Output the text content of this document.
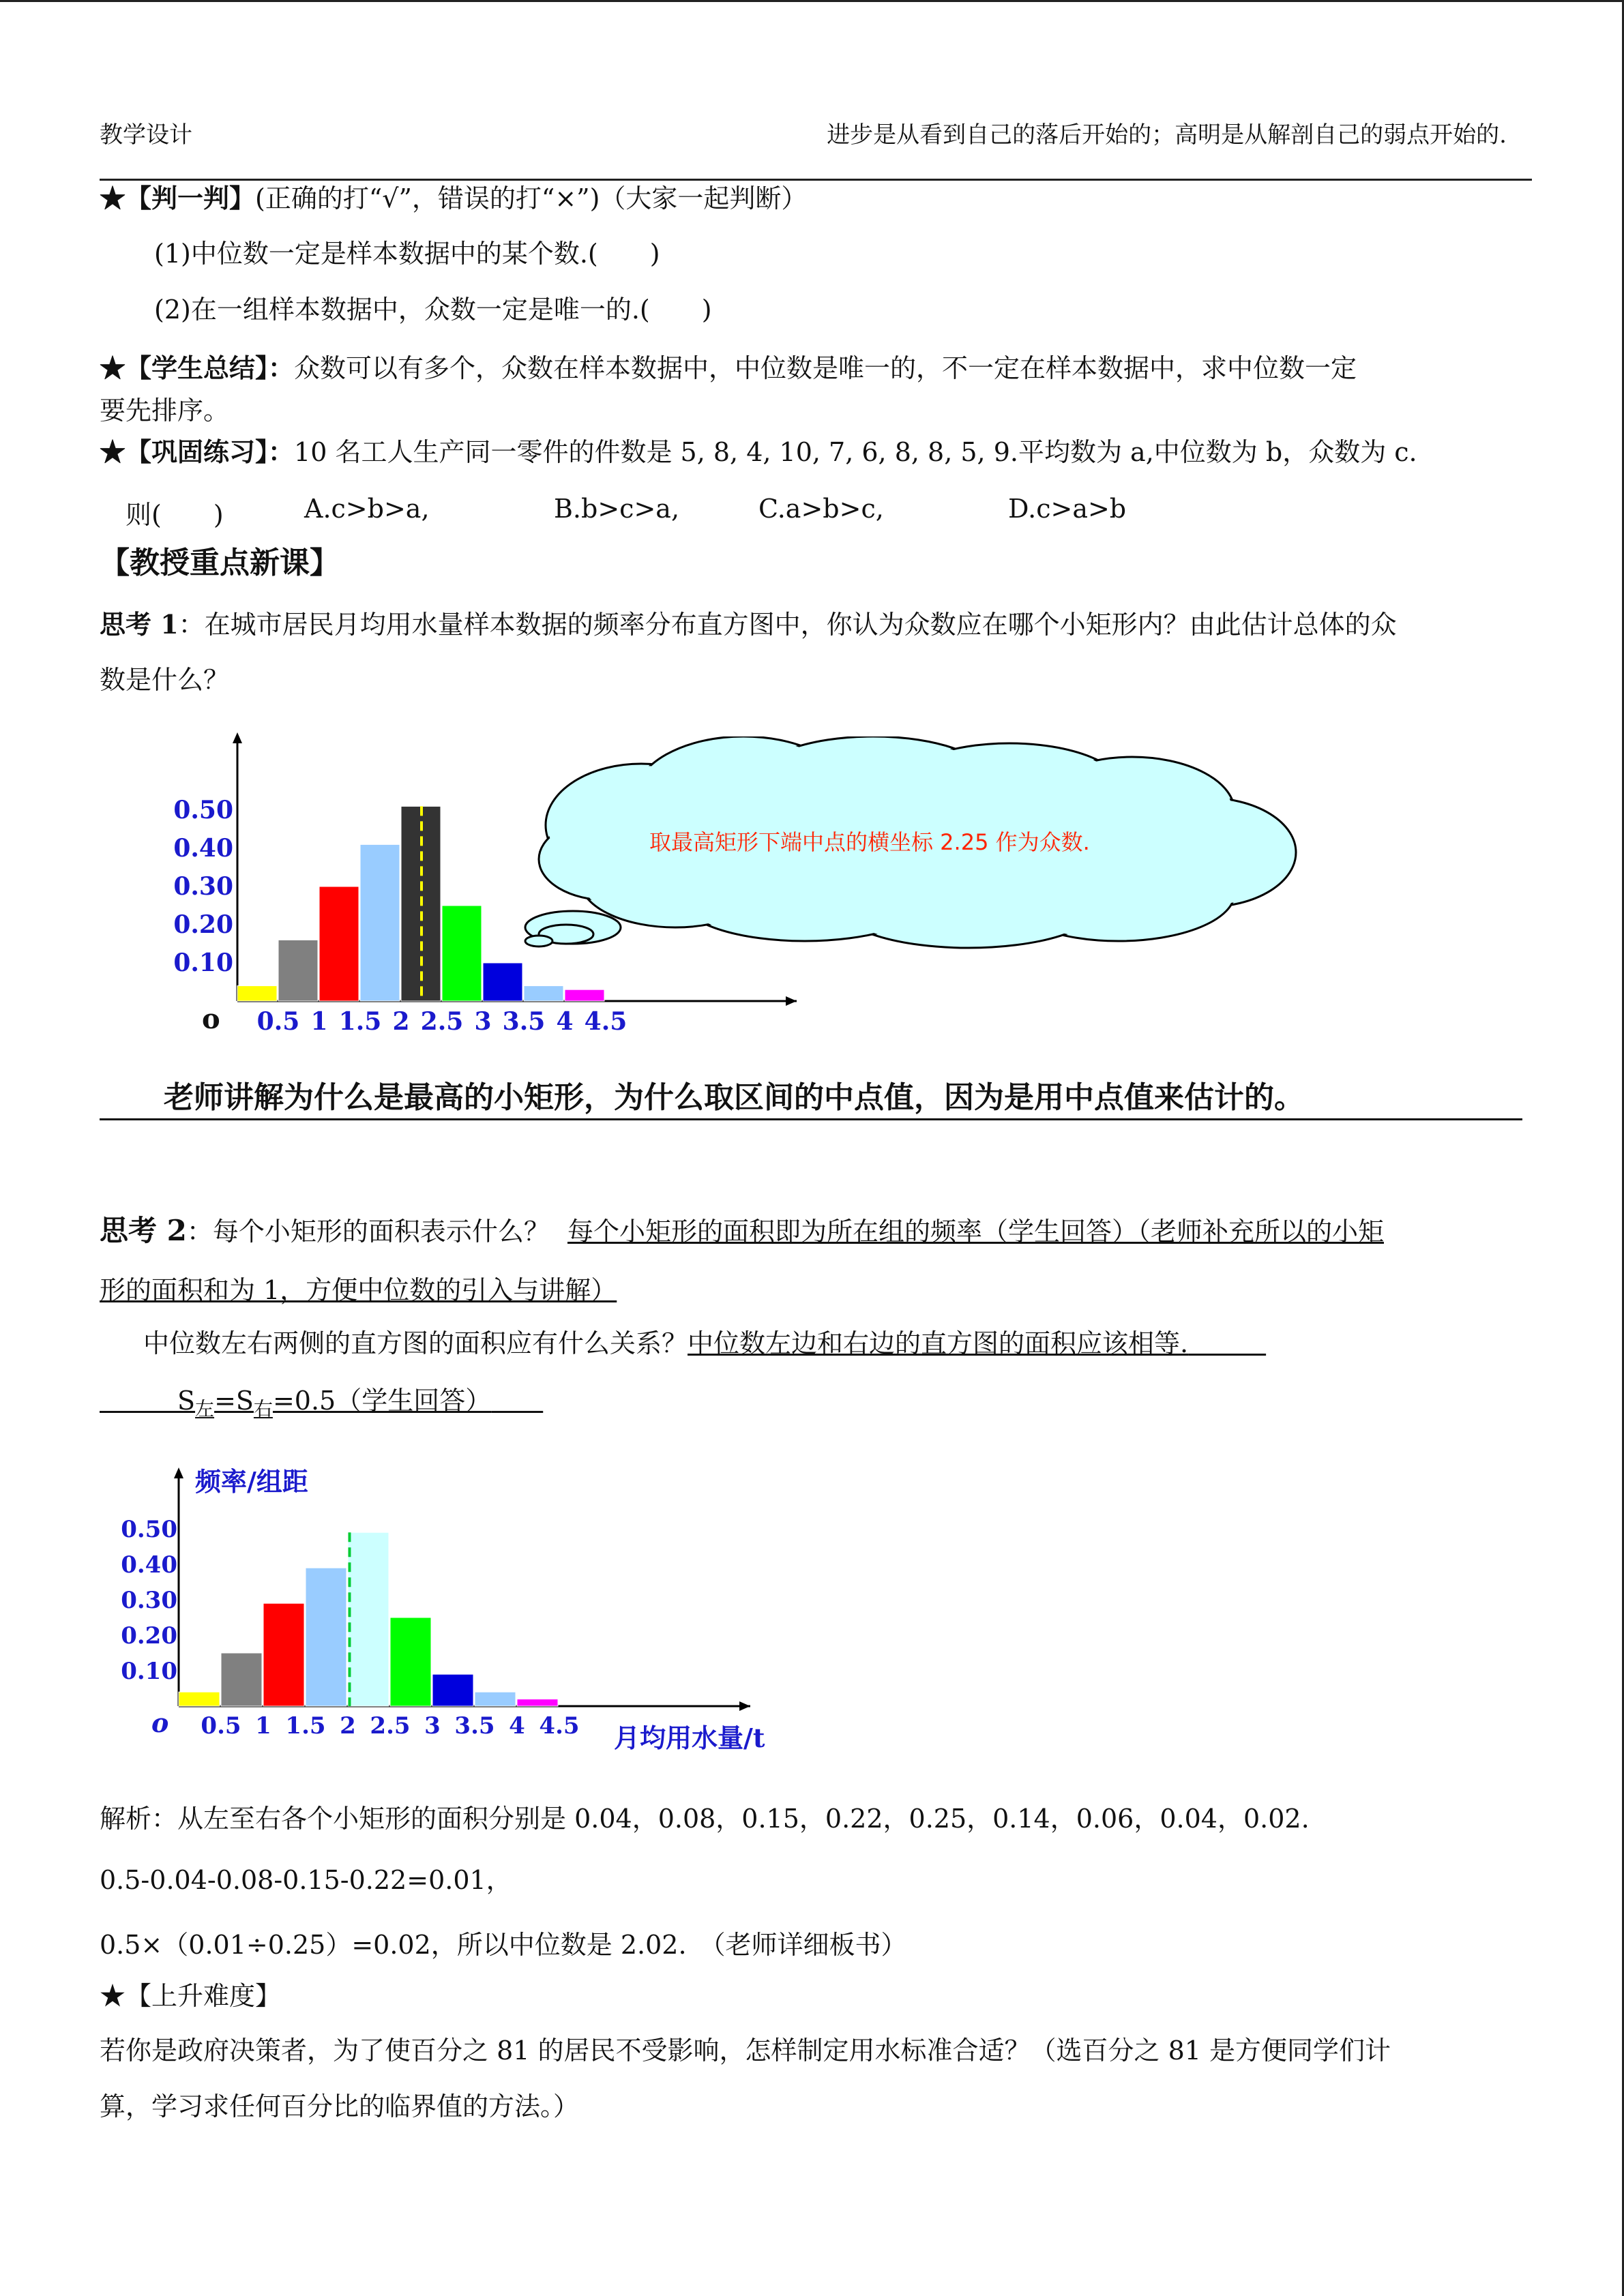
教学设计	进步是从看到自己的落后开始的；高明是从解剖自己的弱点开始的.
★【判一判】(正确的打“√”，错误的打“×”)（大家一起判断）
(1)中位数一定是样本数据中的某个数.(　　)
(2)在一组样本数据中，众数一定是唯一的.(　　)
★【学生总结】：众数可以有多个，众数在样本数据中，中位数是唯一的，不一定在样本数据中，求中位数一定
要先排序。
★【巩固练习】：10 名工人生产同一零件的件数是 5, 8, 4, 10, 7, 6, 8, 8, 5, 9.平均数为 a,中位数为 b，众数为 c.
则(　　)	A.c>b>a,	B.b>c>a,	C.a>b>c,	D.c>a>b
【教授重点新课】
思考 1：在城市居民月均用水量样本数据的频率分布直方图中，你认为众数应在哪个小矩形内？由此估计总体的众
数是什么？
0.10
0.20
0.30
0.40
0.50
0.5 1 1.5 2 2.5 3 3.5 4 4.5
o
取最高矩形下端中点的横坐标 2.25 作为众数.
老师讲解为什么是最高的小矩形，为什么取区间的中点值，因为是用中点值来估计的。
思考 2：每个小矩形的面积表示什么？ 每个小矩形的面积即为所在组的频率（学生回答）（老师补充所以的小矩
形的面积和为 1，方便中位数的引入与讲解）
中位数左右两侧的直方图的面积应有什么关系？中位数左边和右边的直方图的面积应该相等.   
   $S_左=S_右=0.5$（学生回答）  
0.10
0.20
0.30
0.40
0.50
0.5 1 1.5 2 2.5 3 3.5 4 4.5
o
频率/组距
月均用水量/t
解析：从左至右各个小矩形的面积分别是 0.04，0.08，0.15，0.22，0.25，0.14，0.06，0.04，0.02.
0.5-0.04-0.08-0.15-0.22=0.01，
0.5×（0.01÷0.25）=0.02，所以中位数是 2.02.　（老师详细板书）
★【上升难度】
若你是政府决策者，为了使百分之 81 的居民不受影响，怎样制定用水标准合适？（选百分之 81 是方便同学们计
算，学习求任何百分比的临界值的方法。）
